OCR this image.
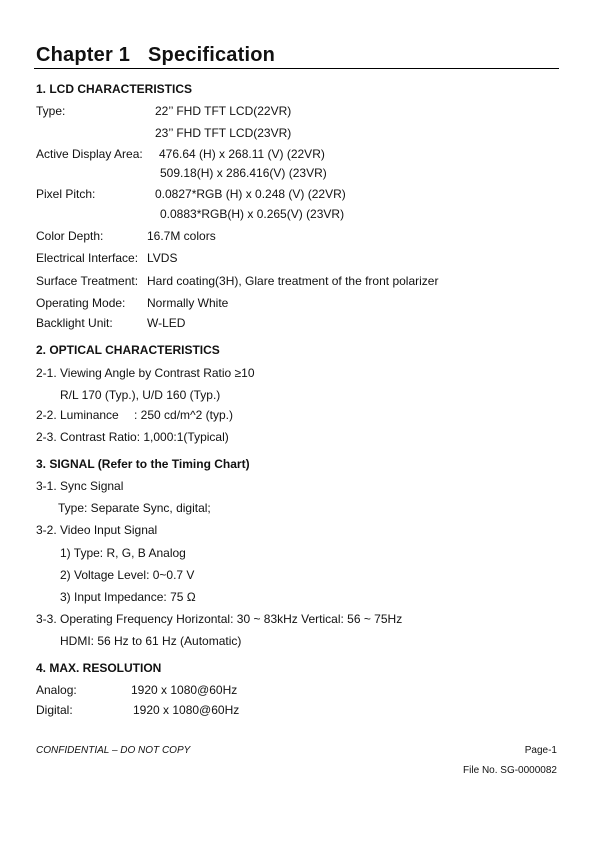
Chapter 1 Specification
1. LCD CHARACTERISTICS
Type:	22’’ FHD TFT LCD(22VR)
23’’ FHD TFT LCD(23VR)
Active Display Area: 476.64 (H) x 268.11 (V) (22VR)
509.18(H) x 286.416(V) (23VR)
Pixel Pitch:	0.0827*RGB (H) x 0.248 (V) (22VR)
0.0883*RGB(H) x 0.265(V) (23VR)
Color Depth:	16.7M colors
Electrical Interface: LVDS
Surface Treatment: Hard coating(3H), Glare treatment of the front polarizer
Operating Mode: Normally White
Backlight Unit:	W-LED
2. OPTICAL CHARACTERISTICS
2-1. Viewing Angle by Contrast Ratio ≥10
R/L 170 (Typ.), U/D 160 (Typ.)
2-2. Luminance : 250 cd/m^2 (typ.)
2-3. Contrast Ratio: 1,000:1(Typical)
3. SIGNAL (Refer to the Timing Chart)
3-1. Sync Signal
Type: Separate Sync, digital;
3-2. Video Input Signal
1) Type: R, G, B Analog
2) Voltage Level: 0~0.7 V
3) Input Impedance: 75 Ω
3-3. Operating Frequency Horizontal: 30 ~ 83kHz Vertical: 56 ~ 75Hz
HDMI: 56 Hz to 61 Hz (Automatic)
4. MAX. RESOLUTION
Analog:	1920 x 1080@60Hz
Digital:	1920 x 1080@60Hz
CONFIDENTIAL – DO NOT COPY	Page-1
File No. SG-0000082
